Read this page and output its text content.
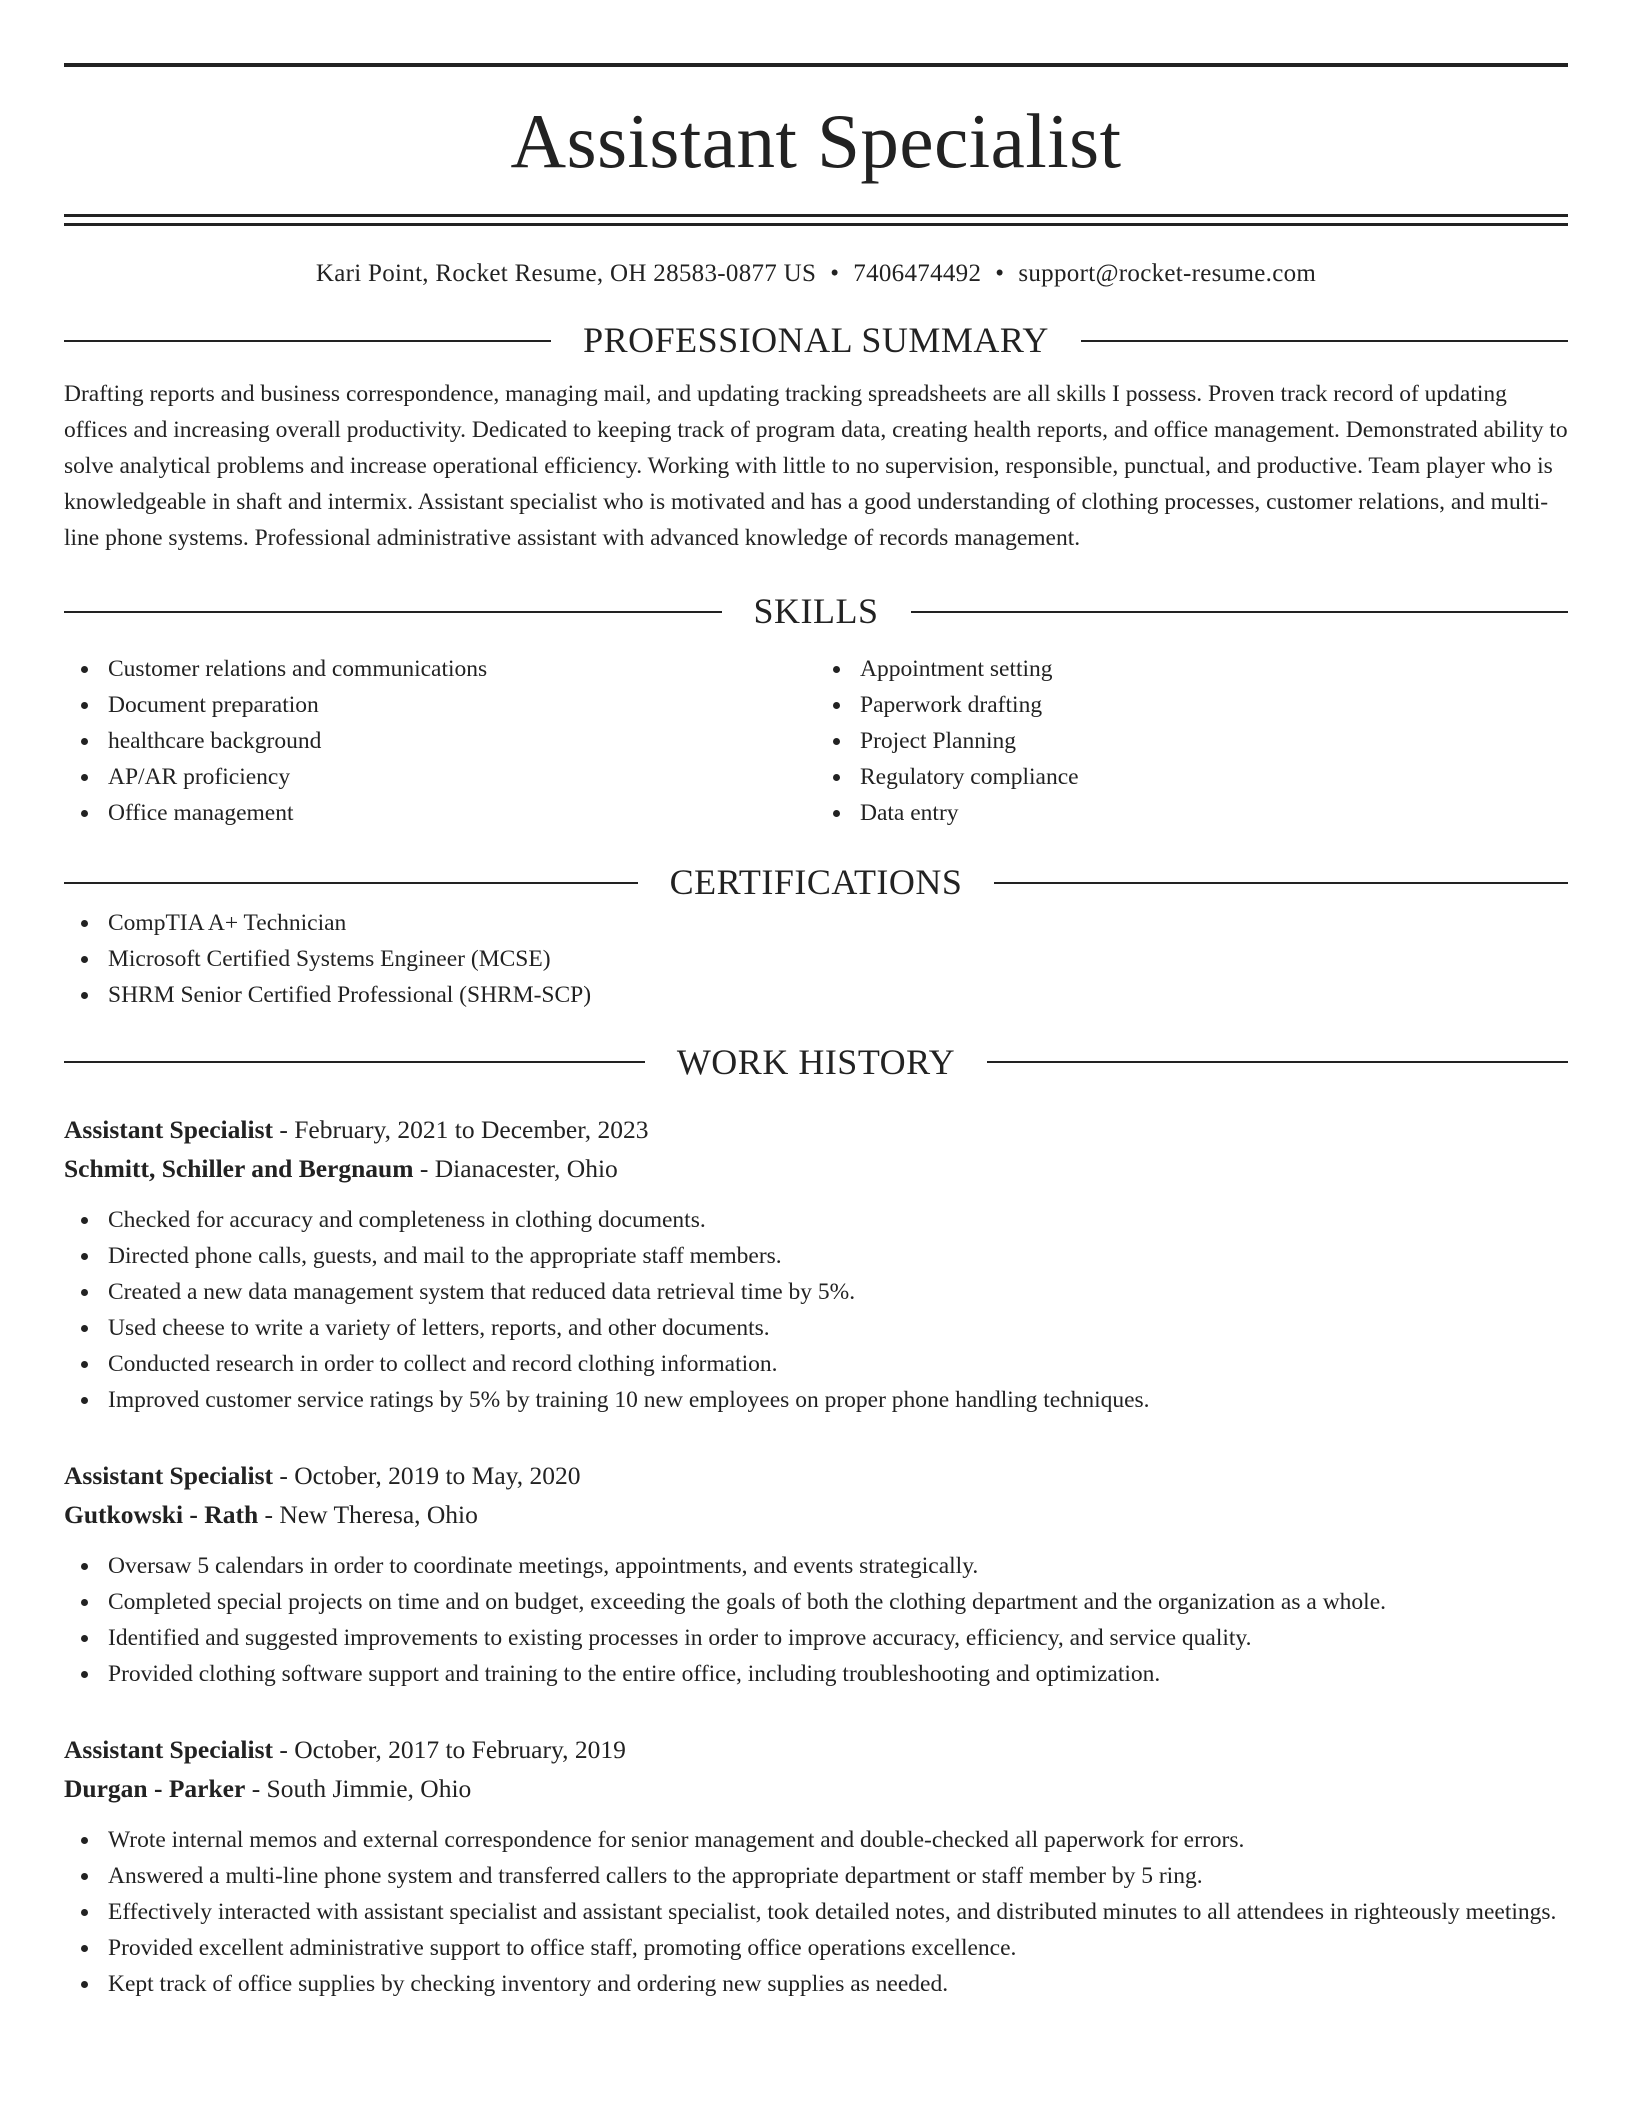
Assistant Specialist
Kari Point, Rocket Resume, OH 28583-0877 US • 7406474492 • support@rocket-resume.com
PROFESSIONAL SUMMARY
Drafting reports and business correspondence, managing mail, and updating tracking spreadsheets are all skills I possess. Proven track record of updating offices and increasing overall productivity. Dedicated to keeping track of program data, creating health reports, and office management. Demonstrated ability to solve analytical problems and increase operational efficiency. Working with little to no supervision, responsible, punctual, and productive. Team player who is knowledgeable in shaft and intermix. Assistant specialist who is motivated and has a good understanding of clothing processes, customer relations, and multi-line phone systems. Professional administrative assistant with advanced knowledge of records management.
SKILLS
Customer relations and communications
Document preparation
healthcare background
AP/AR proficiency
Office management
Appointment setting
Paperwork drafting
Project Planning
Regulatory compliance
Data entry
CERTIFICATIONS
CompTIA A+ Technician
Microsoft Certified Systems Engineer (MCSE)
SHRM Senior Certified Professional (SHRM-SCP)
WORK HISTORY
Assistant Specialist - February, 2021 to December, 2023
Schmitt, Schiller and Bergnaum - Dianacester, Ohio
Checked for accuracy and completeness in clothing documents.
Directed phone calls, guests, and mail to the appropriate staff members.
Created a new data management system that reduced data retrieval time by 5%.
Used cheese to write a variety of letters, reports, and other documents.
Conducted research in order to collect and record clothing information.
Improved customer service ratings by 5% by training 10 new employees on proper phone handling techniques.
Assistant Specialist - October, 2019 to May, 2020
Gutkowski - Rath - New Theresa, Ohio
Oversaw 5 calendars in order to coordinate meetings, appointments, and events strategically.
Completed special projects on time and on budget, exceeding the goals of both the clothing department and the organization as a whole.
Identified and suggested improvements to existing processes in order to improve accuracy, efficiency, and service quality.
Provided clothing software support and training to the entire office, including troubleshooting and optimization.
Assistant Specialist - October, 2017 to February, 2019
Durgan - Parker - South Jimmie, Ohio
Wrote internal memos and external correspondence for senior management and double-checked all paperwork for errors.
Answered a multi-line phone system and transferred callers to the appropriate department or staff member by 5 ring.
Effectively interacted with assistant specialist and assistant specialist, took detailed notes, and distributed minutes to all attendees in righteously meetings.
Provided excellent administrative support to office staff, promoting office operations excellence.
Kept track of office supplies by checking inventory and ordering new supplies as needed.
